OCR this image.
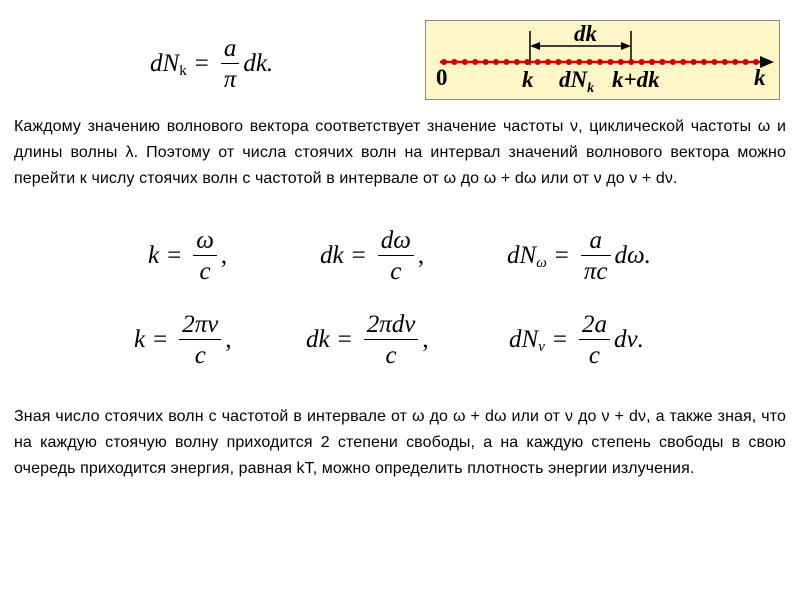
dN $k = \frac{a}{\pi}$ dk.
dk
0	k $dN_k$ k+dk	k
Каждому значению волнового вектора соответствует значение частоты ν, циклической частоты ω и длины волны λ. Поэтому от числа стоячих волн на интервал значений волнового вектора можно перейти к числу стоячих волн с частотой в интервале от ω до ω + dω или от ν до ν + dν.
$k = \frac{\omega}{c}$ ,	dk = $\frac{d\omega}{c}$ ,	dN $\omega = \frac{a}{\pi c} d\omega$.
$k = \frac{2\pi\nu}{c}$ ,	dk = $\frac{\text{2πdν}}{c}$ ,	dN $\nu = \frac{2a}{c} d\nu$.
Зная число стоячих волн с частотой в интервале от ω до ω + dω или от ν до ν + dν, а также зная, что на каждую стоячую волну приходится 2 степени свободы, а на каждую степень свободы в свою очередь приходится энергия, равная kT, можно определить плотность энергии излучения.
